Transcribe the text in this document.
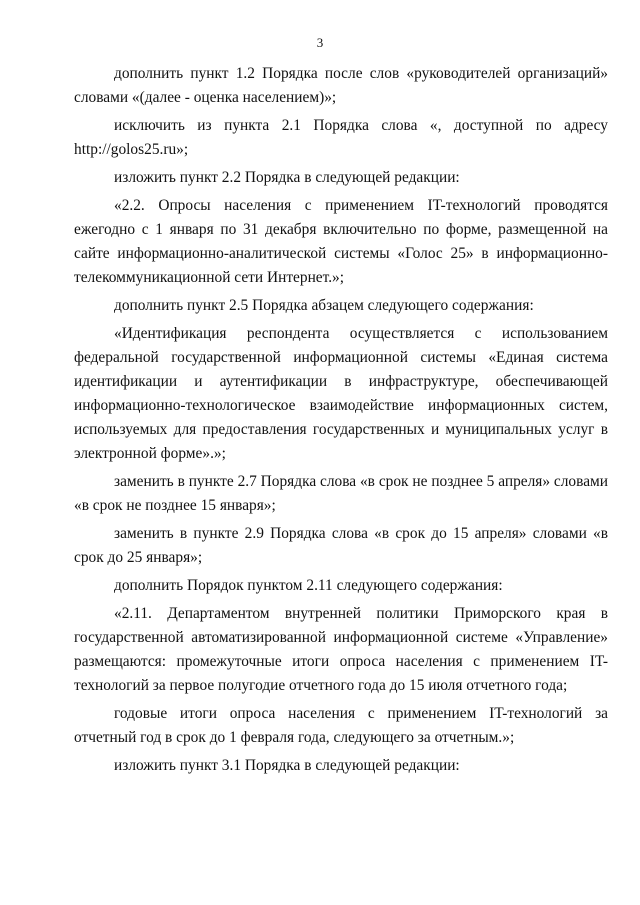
3

дополнить пункт 1.2 Порядка после слов «руководителей организаций» словами «(далее - оценка населением)»;

исключить из пункта 2.1 Порядка слова «, доступной по адресу http://golos25.ru»;

изложить пункт 2.2 Порядка в следующей редакции:

«2.2. Опросы населения с применением IT-технологий проводятся ежегодно с 1 января по 31 декабря включительно по форме, размещенной на сайте информационно-аналитической системы «Голос 25» в информационно-телекоммуникационной сети Интернет.»;

дополнить пункт 2.5 Порядка абзацем следующего содержания:

«Идентификация респондента осуществляется с использованием федеральной государственной информационной системы «Единая система идентификации и аутентификации в инфраструктуре, обеспечивающей информационно-технологическое взаимодействие информационных систем, используемых для предоставления государственных и муниципальных услуг в электронной форме».»;

заменить в пункте 2.7 Порядка слова «в срок не позднее 5 апреля» словами «в срок не позднее 15 января»;

заменить в пункте 2.9 Порядка слова «в срок до 15 апреля» словами «в срок до 25 января»;

дополнить Порядок пунктом 2.11 следующего содержания:

«2.11. Департаментом внутренней политики Приморского края в государственной автоматизированной информационной системе «Управление» размещаются: промежуточные итоги опроса населения с применением IT-технологий за первое полугодие отчетного года до 15 июля отчетного года;

годовые итоги опроса населения с применением IT-технологий за отчетный год в срок до 1 февраля года, следующего за отчетным.»;

изложить пункт 3.1 Порядка в следующей редакции:
